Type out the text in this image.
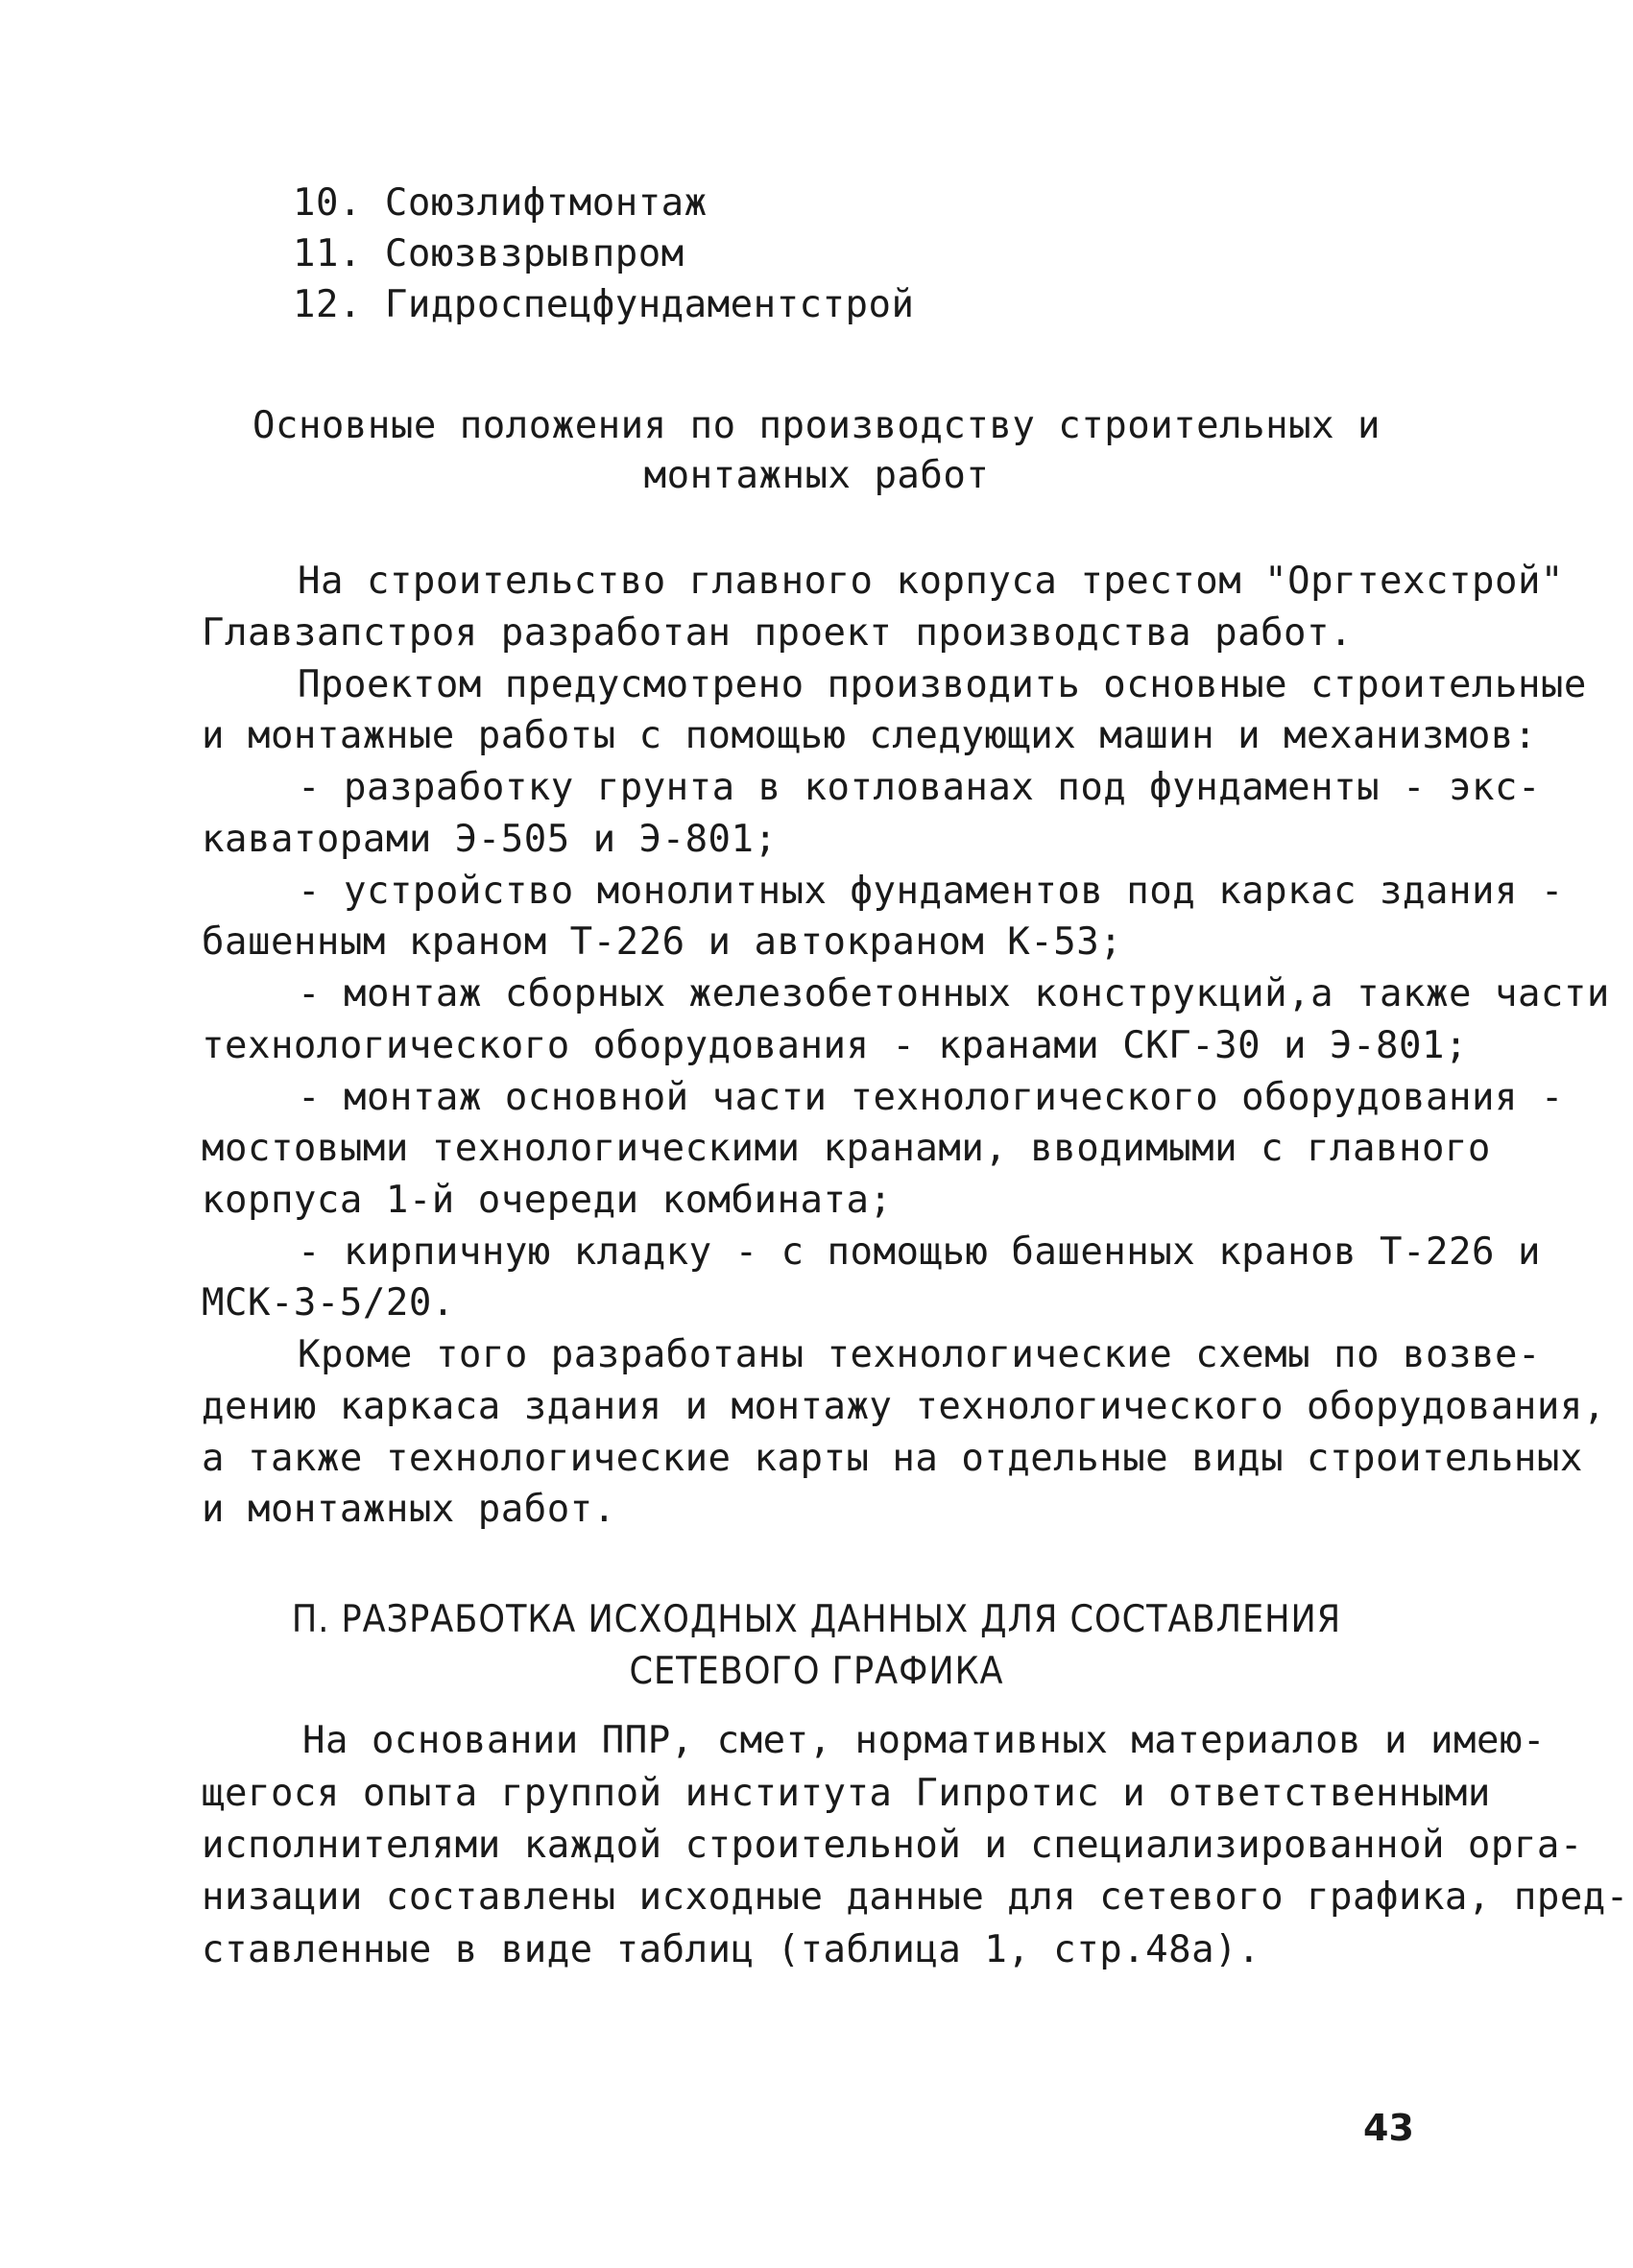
10. Союзлифтмонтаж
11. Союзвзрывпром
12. Гидроспецфундаментстрой
Основные положения по производству строительных и
монтажных работ
На строительство главного корпуса трестом "Оргтехстрой"
Главзапстроя разработан проект производства работ.
Проектом предусмотрено производить основные строительные
и монтажные работы с помощью следующих машин и механизмов:
- разработку грунта в котлованах под фундаменты - экс-
каваторами Э-505 и Э-801;
- устройство монолитных фундаментов под каркас здания -
башенным краном Т-226 и автокраном К-53;
- монтаж сборных железобетонных конструкций,а также части
технологического оборудования - кранами СКГ-30 и Э-801;
- монтаж основной части технологического оборудования -
мостовыми технологическими кранами, вводимыми с главного
корпуса 1-й очереди комбината;
- кирпичную кладку - с помощью башенных кранов Т-226 и
МСК-3-5/20.
Кроме того разработаны технологические схемы по возве-
дению каркаса здания и монтажу технологического оборудования,
а также технологические карты на отдельные виды строительных
и монтажных работ.
П. РАЗРАБОТКА ИСХОДНЫХ ДАННЫХ ДЛЯ СОСТАВЛЕНИЯ
СЕТЕВОГО ГРАФИКА
На основании ППР, смет, нормативных материалов и имею-
щегося опыта группой института Гипротис и ответственными
исполнителями каждой строительной и специализированной орга-
низации составлены исходные данные для сетевого графика, пред-
ставленные в виде таблиц (таблица 1, стр.48а).
43
